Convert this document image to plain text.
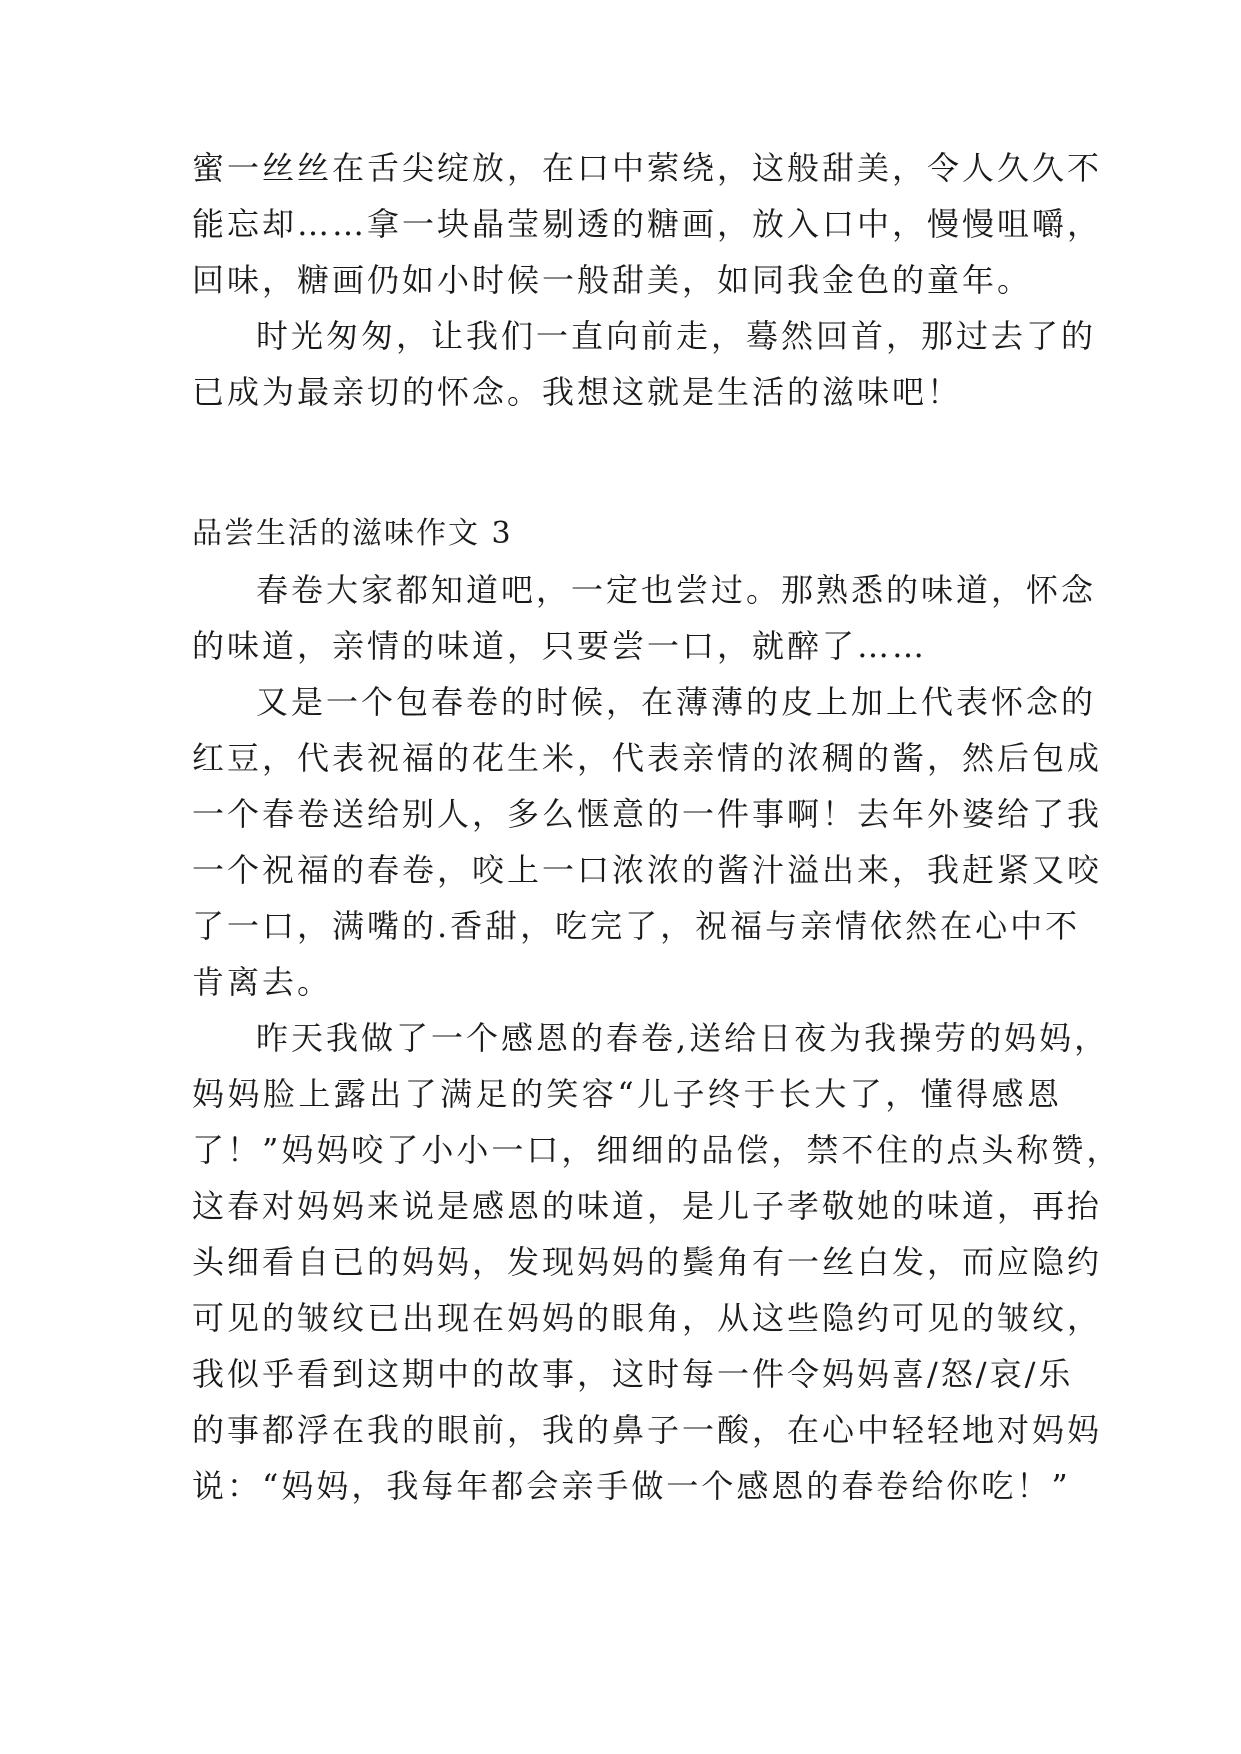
蜜一丝丝在舌尖绽放，在口中萦绕，这般甜美，令人久久不
能忘却……拿一块晶莹剔透的糖画，放入口中，慢慢咀嚼，
回味，糖画仍如小时候一般甜美，如同我金色的童年。
时光匆匆，让我们一直向前走，蓦然回首，那过去了的
已成为最亲切的怀念。我想这就是生活的滋味吧！
品尝生活的滋味作文 3
春卷大家都知道吧，一定也尝过。那熟悉的味道，怀念
的味道，亲情的味道，只要尝一口，就醉了……
又是一个包春卷的时候，在薄薄的皮上加上代表怀念的
红豆，代表祝福的花生米，代表亲情的浓稠的酱，然后包成
一个春卷送给别人，多么惬意的一件事啊！去年外婆给了我
一个祝福的春卷，咬上一口浓浓的酱汁溢出来，我赶紧又咬
了一口，满嘴的.香甜，吃完了，祝福与亲情依然在心中不
肯离去。
昨天我做了一个感恩的春卷,送给日夜为我操劳的妈妈，
妈妈脸上露出了满足的笑容“儿子终于长大了，懂得感恩
了！”妈妈咬了小小一口，细细的品偿，禁不住的点头称赞，
这春对妈妈来说是感恩的味道，是儿子孝敬她的味道，再抬
头细看自已的妈妈，发现妈妈的鬓角有一丝白发，而应隐约
可见的皱纹已出现在妈妈的眼角，从这些隐约可见的皱纹，
我似乎看到这期中的故事，这时每一件令妈妈喜/怒/哀/乐
的事都浮在我的眼前，我的鼻子一酸，在心中轻轻地对妈妈
说：“妈妈，我每年都会亲手做一个感恩的春卷给你吃！”
